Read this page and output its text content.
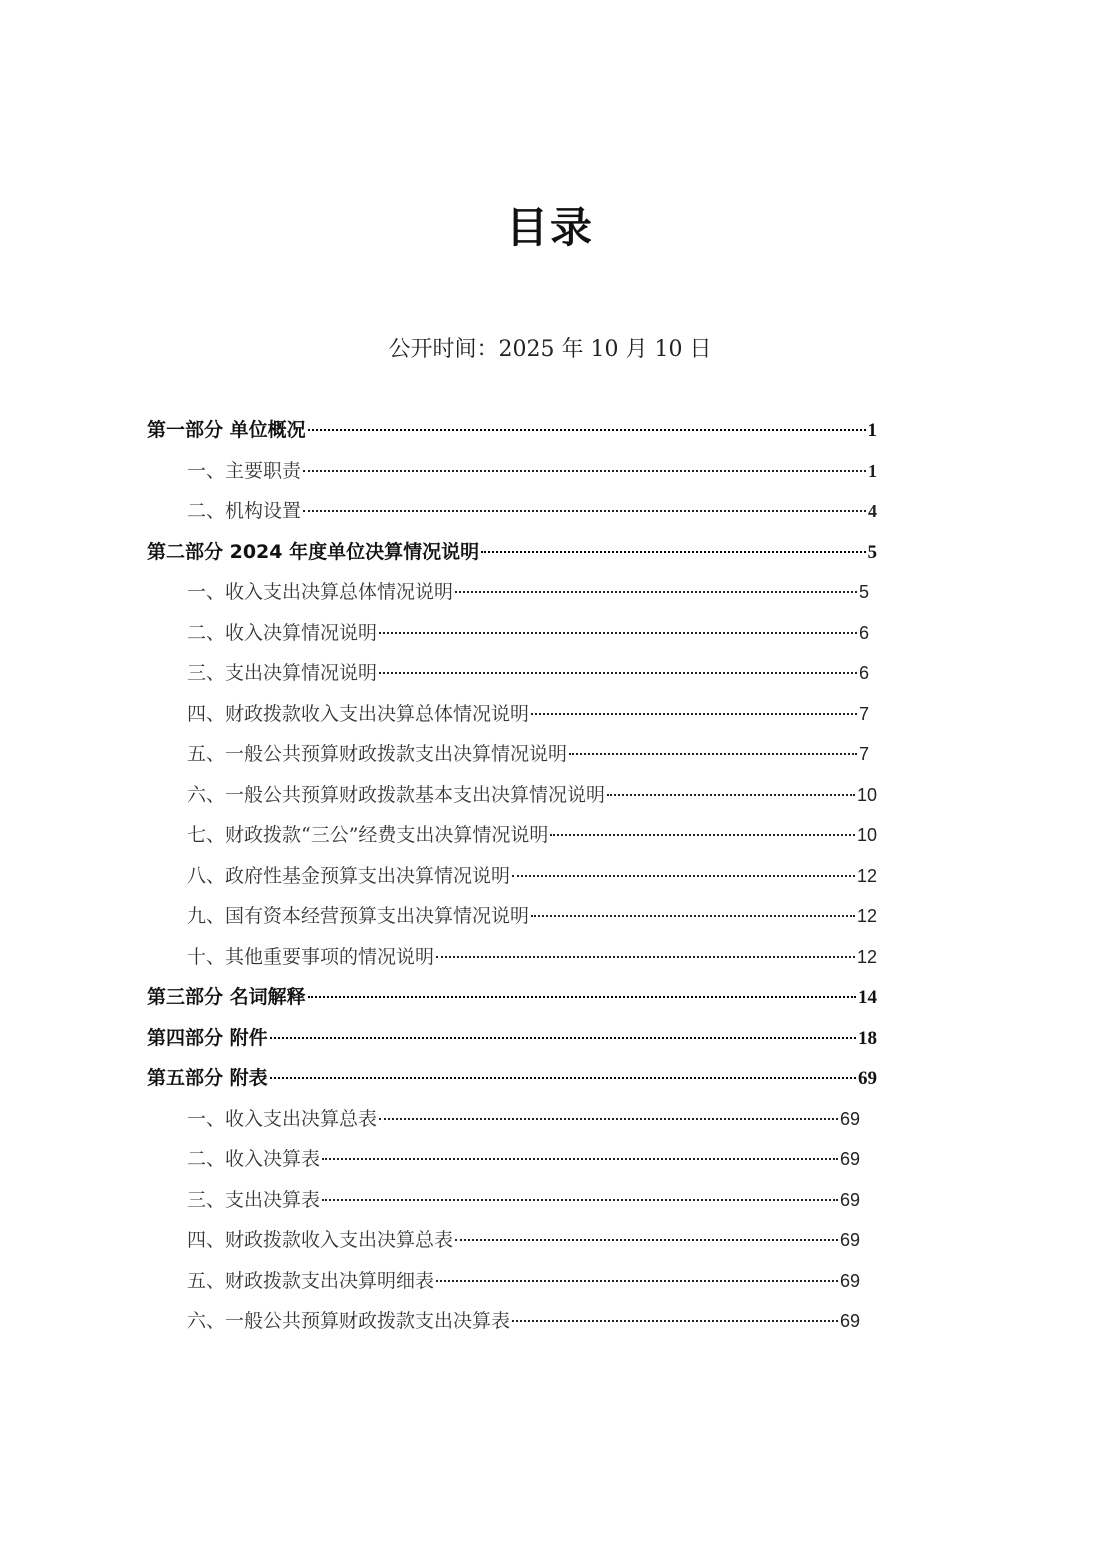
目录
公开时间：2025 年 10 月 10 日
第一部分 单位概况	1
一、主要职责	1
二、机构设置	4
第二部分 2024 年度单位决算情况说明	5
一、收入支出决算总体情况说明	5
二、收入决算情况说明	6
三、支出决算情况说明	6
四、财政拨款收入支出决算总体情况说明	7
五、一般公共预算财政拨款支出决算情况说明	7
六、一般公共预算财政拨款基本支出决算情况说明	10
七、财政拨款“三公”经费支出决算情况说明	10
八、政府性基金预算支出决算情况说明	12
九、国有资本经营预算支出决算情况说明	12
十、其他重要事项的情况说明	12
第三部分 名词解释	14
第四部分 附件	18
第五部分 附表	69
一、收入支出决算总表	69
二、收入决算表	69
三、支出决算表	69
四、财政拨款收入支出决算总表	69
五、财政拨款支出决算明细表	69
六、一般公共预算财政拨款支出决算表	69
